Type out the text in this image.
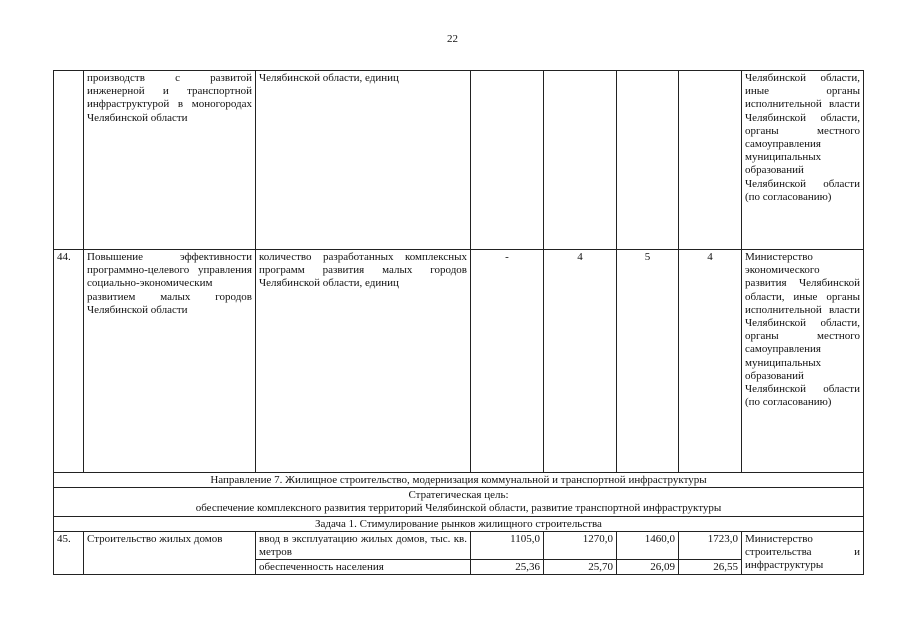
22
	производств с развитой инженерной и транспортной инфраструктурой в моногородах Челябинской области	Челябинской области, единиц					Челябинской области, иные органы исполнительной власти Челябинской области, органы местного самоуправления муниципальных образований Челябинской области (по согласованию)
44.	Повышение эффективности программно-целевого управления социально-экономическим развитием малых городов Челябинской области	количество разработанных комплексных программ развития малых городов Челябинской области, единиц	-	4	5	4	Министерство экономического развития Челябинской области, иные органы исполнительной власти Челябинской области, органы местного самоуправления муниципальных образований Челябинской области (по согласованию)
Направление 7. Жилищное строительство, модернизация коммунальной и транспортной инфраструктуры							

Стратегическая цель:
обеспечение комплексного развития территорий Челябинской области, развитие транспортной инфраструктуры							

Задача 1. Стимулирование рынков жилищного строительства							
45.	Строительство жилых домов	ввод в эксплуатацию жилых домов, тыс. кв. метров	1105,0	1270,0	1460,0	1723,0	Министерство строительства и инфраструктуры
		обеспеченность населения	25,36	25,70	26,09	26,55	
